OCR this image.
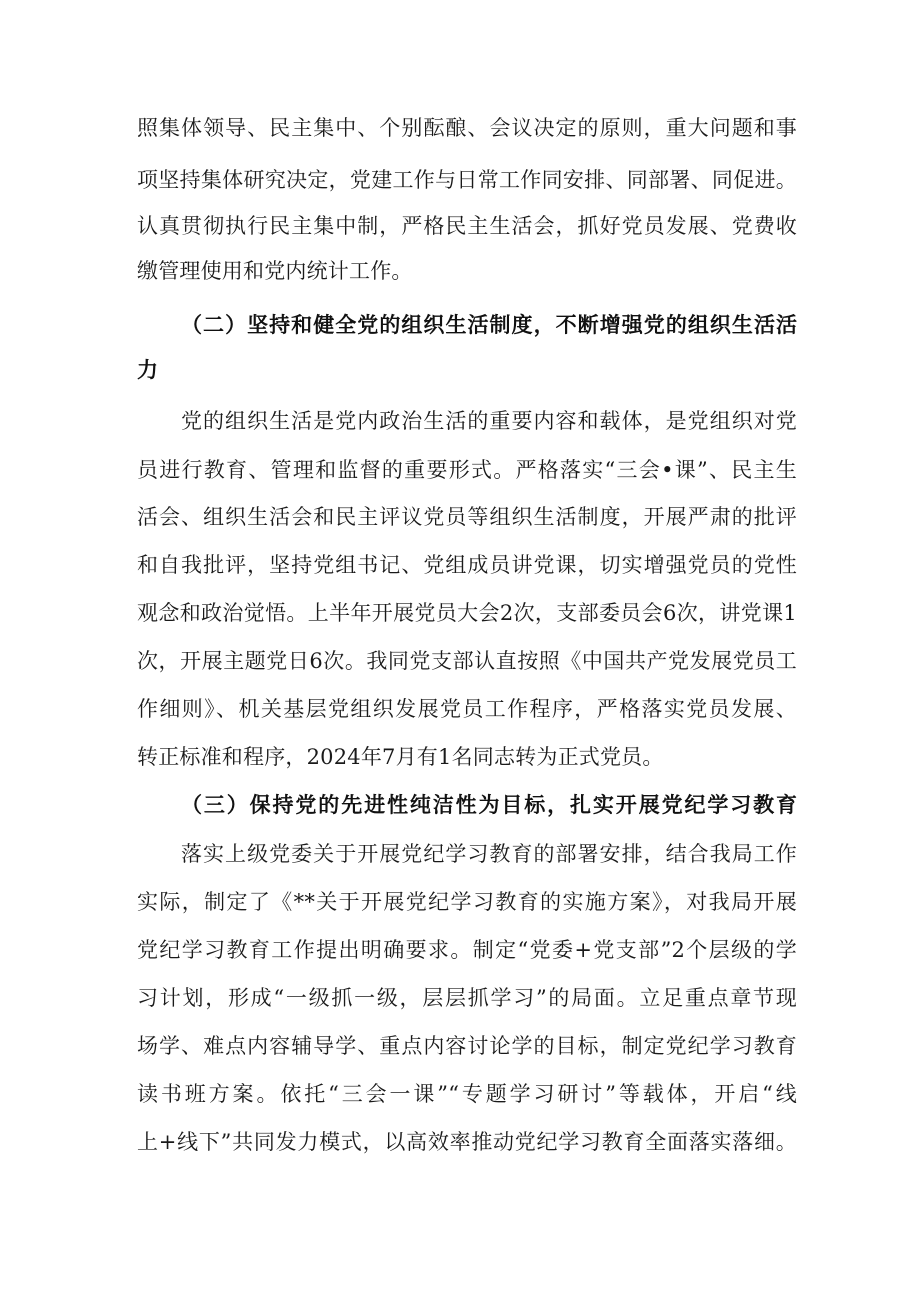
照集体领导、民主集中、个别酝酿、会议决定的原则，重大问题和事
项坚持集体研究决定，党建工作与日常工作同安排、同部署、同促进。
认真贯彻执行民主集中制，严格民主生活会，抓好党员发展、党费收
缴管理使用和党内统计工作。
（二）坚持和健全党的组织生活制度，不断增强党的组织生活活
力
党的组织生活是党内政治生活的重要内容和载体，是党组织对党
员进行教育、管理和监督的重要形式。严格落实“三会•课”、民主生
活会、组织生活会和民主评议党员等组织生活制度，开展严肃的批评
和自我批评，坚持党组书记、党组成员讲党课，切实增强党员的党性
观念和政治觉悟。上半年开展党员大会2次，支部委员会6次，讲党课1
次，开展主题党日6次。我同党支部认直按照《中国共产党发展党员工
作细则》、机关基层党组织发展党员工作程序，严格落实党员发展、
转正标准和程序，2024年7月有1名同志转为正式党员。
（三）保持党的先进性纯洁性为目标，扎实开展党纪学习教育
落实上级党委关于开展党纪学习教育的部署安排，结合我局工作
实际，制定了《**关于开展党纪学习教育的实施方案》，对我局开展
党纪学习教育工作提出明确要求。制定“党委+党支部”2个层级的学
习计划，形成“一级抓一级，层层抓学习”的局面。立足重点章节现
场学、难点内容辅导学、重点内容讨论学的目标，制定党纪学习教育
读书班方案。依托“三会一课”“专题学习研讨”等载体，开启“线
上+线下”共同发力模式，以高效率推动党纪学习教育全面落实落细。
